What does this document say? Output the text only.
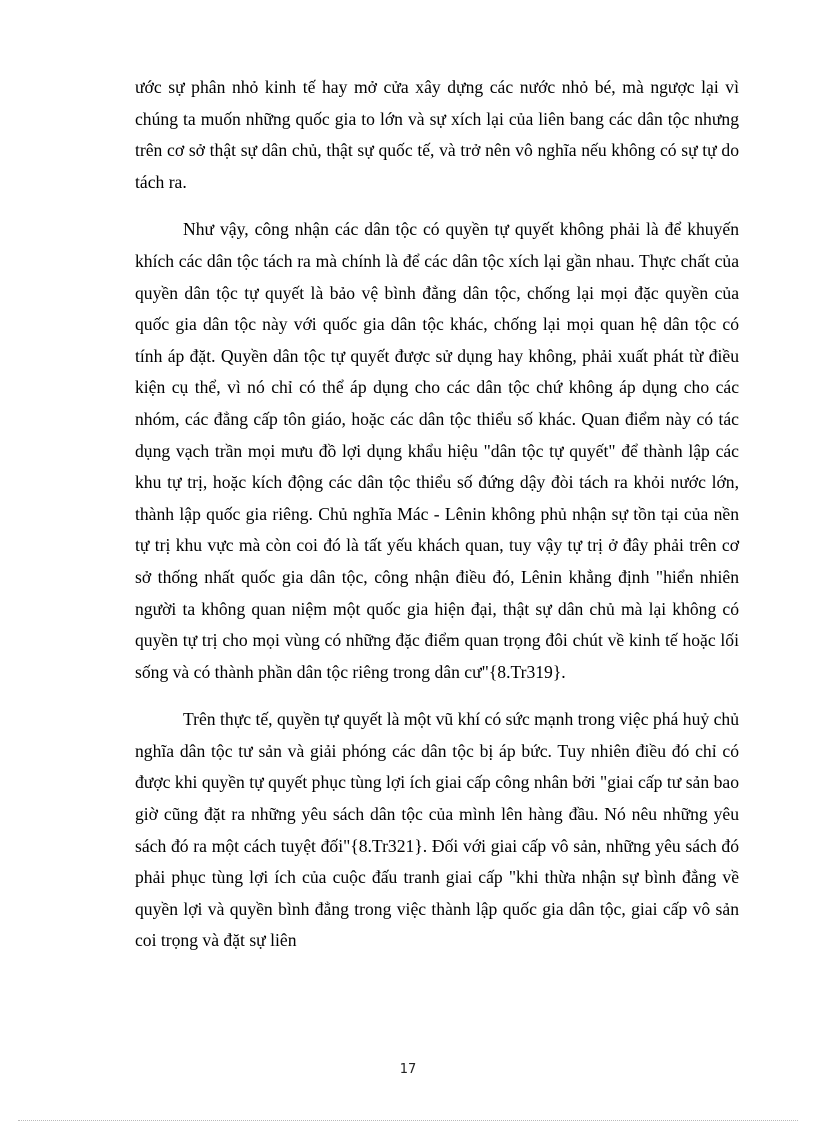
ước sự phân nhỏ kinh tế hay mở cửa xây dựng các nước nhỏ bé, mà ngược lại vì chúng ta muốn những quốc gia to lớn và sự xích lại của liên bang các dân tộc nhưng trên cơ sở thật sự dân chủ, thật sự quốc tế, và trở nên vô nghĩa nếu không có sự tự do tách ra.

Như vậy, công nhận các dân tộc có quyền tự quyết không phải là để khuyến khích các dân tộc tách ra mà chính là để các dân tộc xích lại gần nhau. Thực chất của quyền dân tộc tự quyết là bảo vệ bình đẳng dân tộc, chống lại mọi đặc quyền của quốc gia dân tộc này với quốc gia dân tộc khác, chống lại mọi quan hệ dân tộc có tính áp đặt. Quyền dân tộc tự quyết được sử dụng hay không, phải xuất phát từ điều kiện cụ thể, vì nó chỉ có thể áp dụng cho các dân tộc chứ không áp dụng cho các nhóm, các đẳng cấp tôn giáo, hoặc các dân tộc thiểu số khác. Quan điểm này có tác dụng vạch trần mọi mưu đồ lợi dụng khẩu hiệu "dân tộc tự quyết" để thành lập các khu tự trị, hoặc kích động các dân tộc thiểu số đứng dậy đòi tách ra khỏi nước lớn, thành lập quốc gia riêng. Chủ nghĩa Mác - Lênin không phủ nhận sự tồn tại của nền tự trị khu vực mà còn coi đó là tất yếu khách quan, tuy vậy tự trị ở đây phải trên cơ sở thống nhất quốc gia dân tộc, công nhận điều đó, Lênin khẳng định "hiển nhiên người ta không quan niệm một quốc gia hiện đại, thật sự dân chủ mà lại không có quyền tự trị cho mọi vùng có những đặc điểm quan trọng đôi chút về kinh tế hoặc lối sống và có thành phần dân tộc riêng trong dân cư"{8.Tr319}.

Trên thực tế, quyền tự quyết là một vũ khí có sức mạnh trong việc phá huỷ chủ nghĩa dân tộc tư sản và giải phóng các dân tộc bị áp bức. Tuy nhiên điều đó chỉ có được khi quyền tự quyết phục tùng lợi ích giai cấp công nhân bởi "giai cấp tư sản bao giờ cũng đặt ra những yêu sách dân tộc của mình lên hàng đầu. Nó nêu những yêu sách đó ra một cách tuyệt đối"{8.Tr321}. Đối với giai cấp vô sản, những yêu sách đó phải phục tùng lợi ích của cuộc đấu tranh giai cấp "khi thừa nhận sự bình đẳng về quyền lợi và quyền bình đẳng trong việc thành lập quốc gia dân tộc, giai cấp vô sản coi trọng và đặt sự liên

17
